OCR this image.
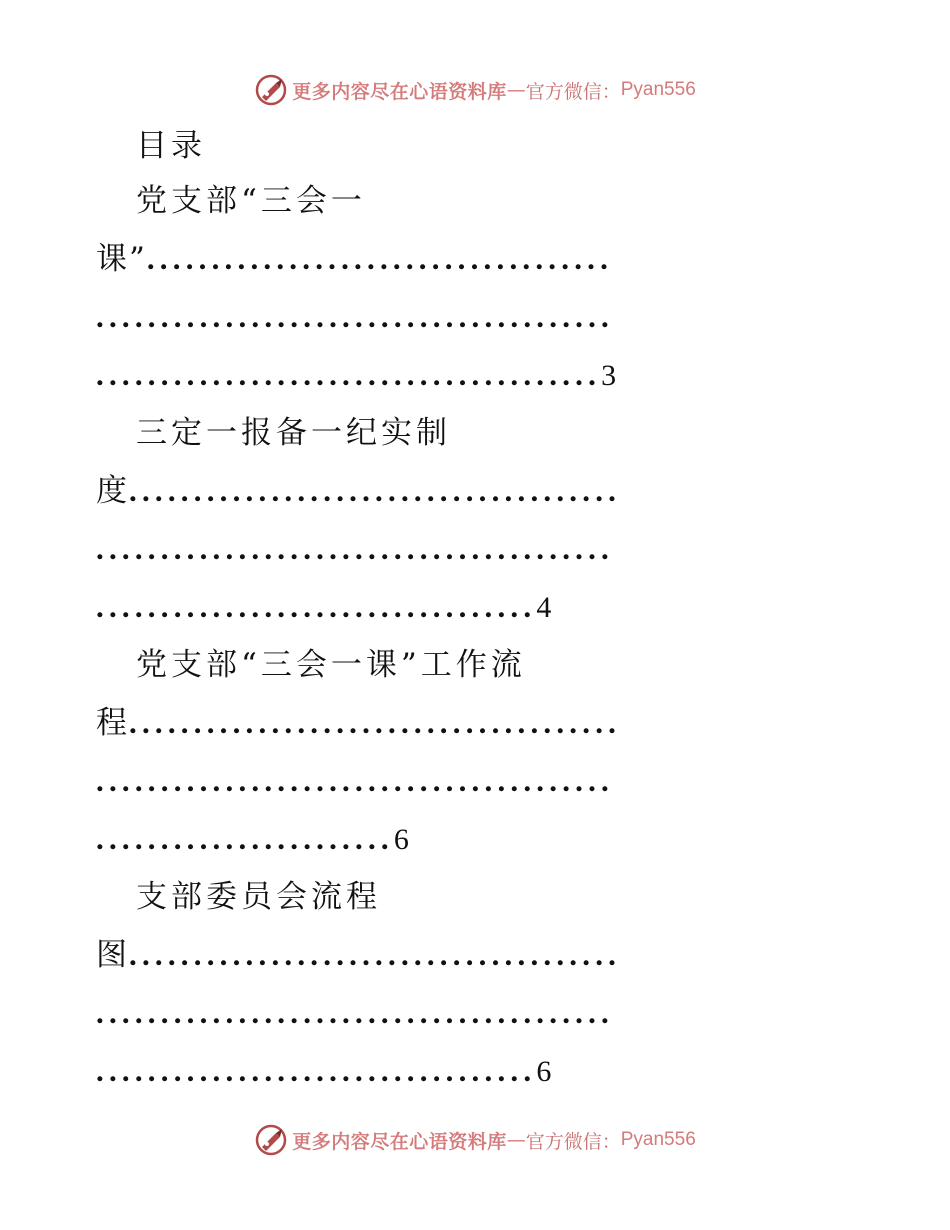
更多内容尽在心语资料库 — 官方微信： Pyan556
目录
党支部“三会一
课”....................................
........................................
.......................................3
三定一报备一纪实制
度......................................
........................................
..................................4
党支部“三会一课”工作流
程......................................
........................................
.......................6
支部委员会流程
图......................................
........................................
..................................6
更多内容尽在心语资料库 — 官方微信： Pyan556
